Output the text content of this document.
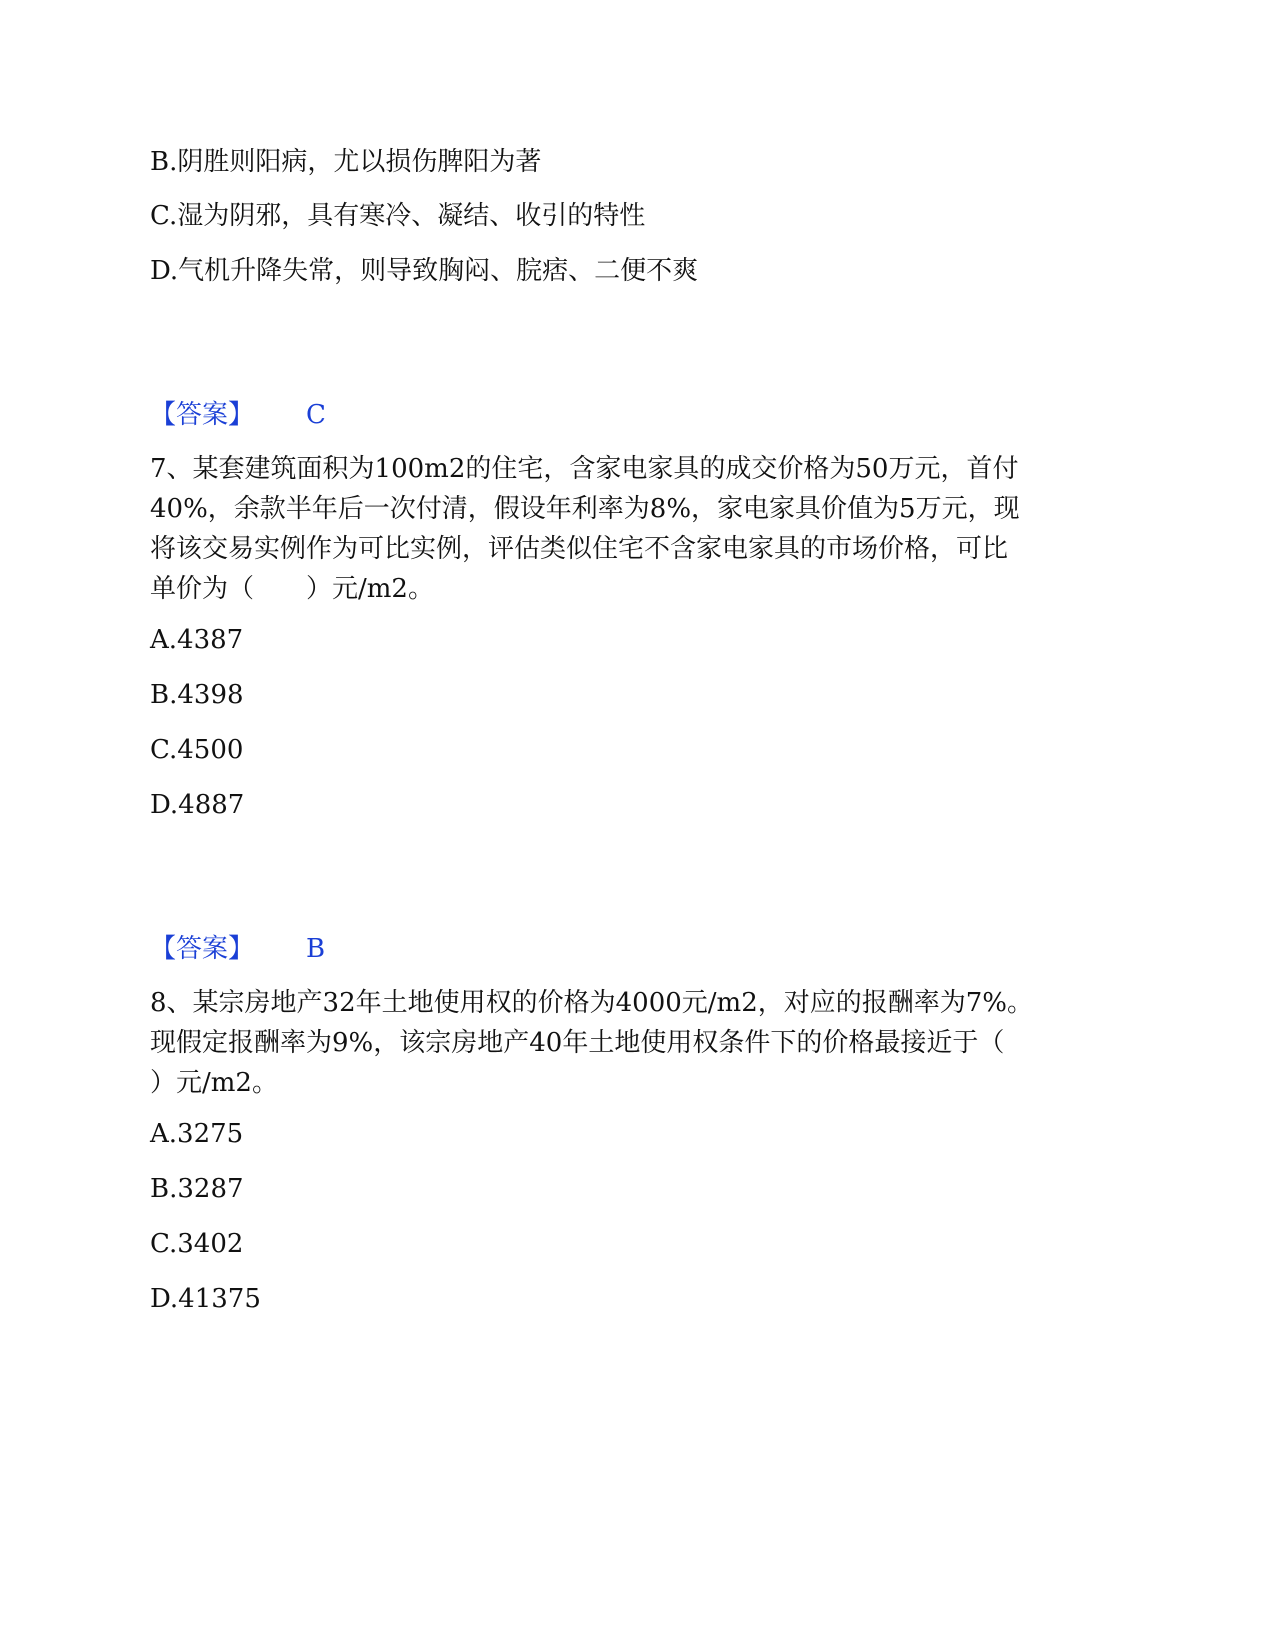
B.阴胜则阳病，尤以损伤脾阳为著
C.湿为阴邪，具有寒冷、凝结、收引的特性
D.气机升降失常，则导致胸闷、脘痞、二便不爽
【答案】 C
7、某套建筑面积为100m2的住宅，含家电家具的成交价格为50万元，首付
40%，余款半年后一次付清，假设年利率为8%，家电家具价值为5万元，现
将该交易实例作为可比实例，评估类似住宅不含家电家具的市场价格，可比
单价为（　　）元/m2。
A.4387
B.4398
C.4500
D.4887
【答案】 B
8、某宗房地产32年土地使用权的价格为4000元/m2，对应的报酬率为7%。
现假定报酬率为9%，该宗房地产40年土地使用权条件下的价格最接近于（
）元/m2。
A.3275
B.3287
C.3402
D.41375
